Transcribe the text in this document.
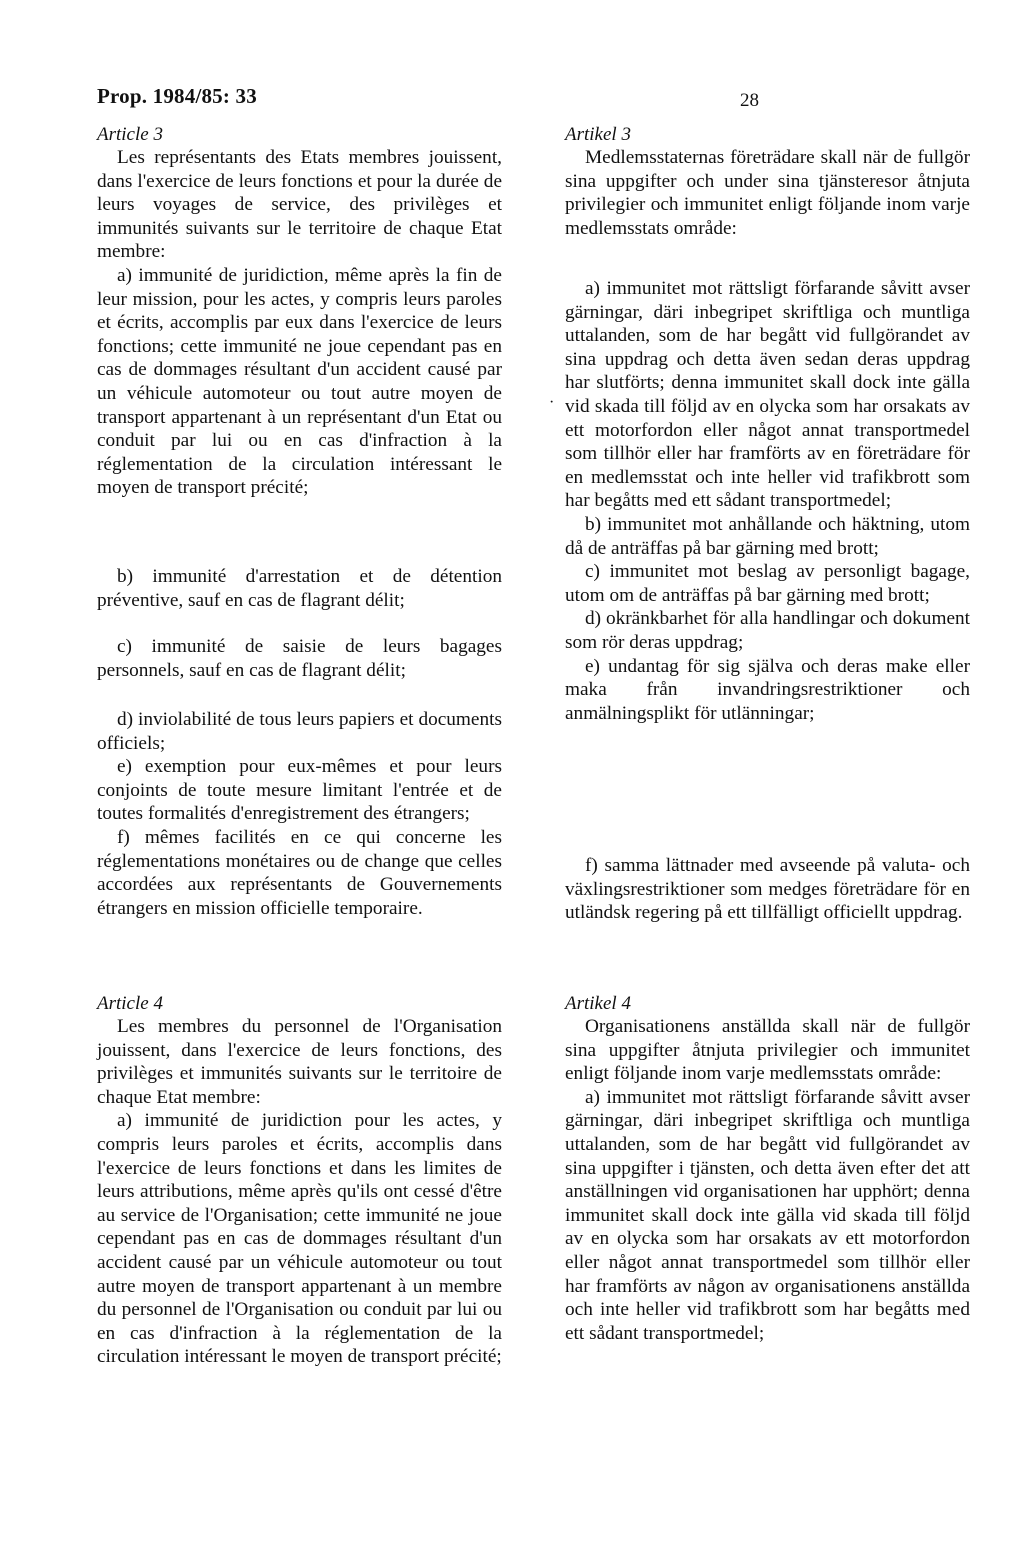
Prop. 1984/85: 33	28
·
Article 3

Les représentants des Etats membres jouissent, dans l'exercice de leurs fonctions et pour la durée de leurs voyages de service, des privilèges et immunités suivants sur le territoire de chaque Etat membre:

a) immunité de juridiction, même après la fin de leur mission, pour les actes, y compris leurs paroles et écrits, accomplis par eux dans l'exercice de leurs fonctions; cette immunité ne joue cependant pas en cas de dommages résultant d'un accident causé par un véhicule automoteur ou tout autre moyen de transport appartenant à un représentant d'un Etat ou conduit par lui ou en cas d'infraction à la réglementation de la circulation intéressant le moyen de transport précité;

b) immunité d'arrestation et de détention préventive, sauf en cas de flagrant délit;

c) immunité de saisie de leurs bagages personnels, sauf en cas de flagrant délit;

d) inviolabilité de tous leurs papiers et documents officiels;

e) exemption pour eux-mêmes et pour leurs conjoints de toute mesure limitant l'entrée et de toutes formalités d'enregistrement des étrangers;

f) mêmes facilités en ce qui concerne les réglementations monétaires ou de change que celles accordées aux représentants de Gouvernements étrangers en mission officielle temporaire.

Article 4

Les membres du personnel de l'Organisation jouissent, dans l'exercice de leurs fonctions, des privilèges et immunités suivants sur le territoire de chaque Etat membre:

a) immunité de juridiction pour les actes, y compris leurs paroles et écrits, accomplis dans l'exercice de leurs fonctions et dans les limites de leurs attributions, même après qu'ils ont cessé d'être au service de l'Organisation; cette immunité ne joue cependant pas en cas de dommages résultant d'un accident causé par un véhicule automoteur ou tout autre moyen de transport appartenant à un membre du personnel de l'Organisation ou conduit par lui ou en cas d'infraction à la réglementation de la circulation intéressant le moyen de transport précité;

Artikel 3

Medlemsstaternas företrädare skall när de fullgör sina uppgifter och under sina tjänsteresor åtnjuta privilegier och immunitet enligt följande inom varje medlemsstats område:

a) immunitet mot rättsligt förfarande såvitt avser gärningar, däri inbegripet skriftliga och muntliga uttalanden, som de har begått vid fullgörandet av sina uppdrag och detta även sedan deras uppdrag har slutförts; denna immunitet skall dock inte gälla vid skada till följd av en olycka som har orsakats av ett motorfordon eller något annat transportmedel som tillhör eller har framförts av en företrädare för en medlemsstat och inte heller vid trafikbrott som har begåtts med ett sådant transportmedel;

b) immunitet mot anhållande och häktning, utom då de anträffas på bar gärning med brott;

c) immunitet mot beslag av personligt bagage, utom om de anträffas på bar gärning med brott;

d) okränkbarhet för alla handlingar och dokument som rör deras uppdrag;

e) undantag för sig själva och deras make eller maka från invandringsrestriktioner och anmälningsplikt för utlänningar;

f) samma lättnader med avseende på valuta- och växlingsrestriktioner som medges företrädare för en utländsk regering på ett tillfälligt officiellt uppdrag.

Artikel 4

Organisationens anställda skall när de fullgör sina uppgifter åtnjuta privilegier och immunitet enligt följande inom varje medlemsstats område:

a) immunitet mot rättsligt förfarande såvitt avser gärningar, däri inbegripet skriftliga och muntliga uttalanden, som de har begått vid fullgörandet av sina uppgifter i tjänsten, och detta även efter det att anställningen vid organisationen har upphört; denna immunitet skall dock inte gälla vid skada till följd av en olycka som har orsakats av ett motorfordon eller något annat transportmedel som tillhör eller har framförts av någon av organisationens anställda och inte heller vid trafikbrott som har begåtts med ett sådant transportmedel;
